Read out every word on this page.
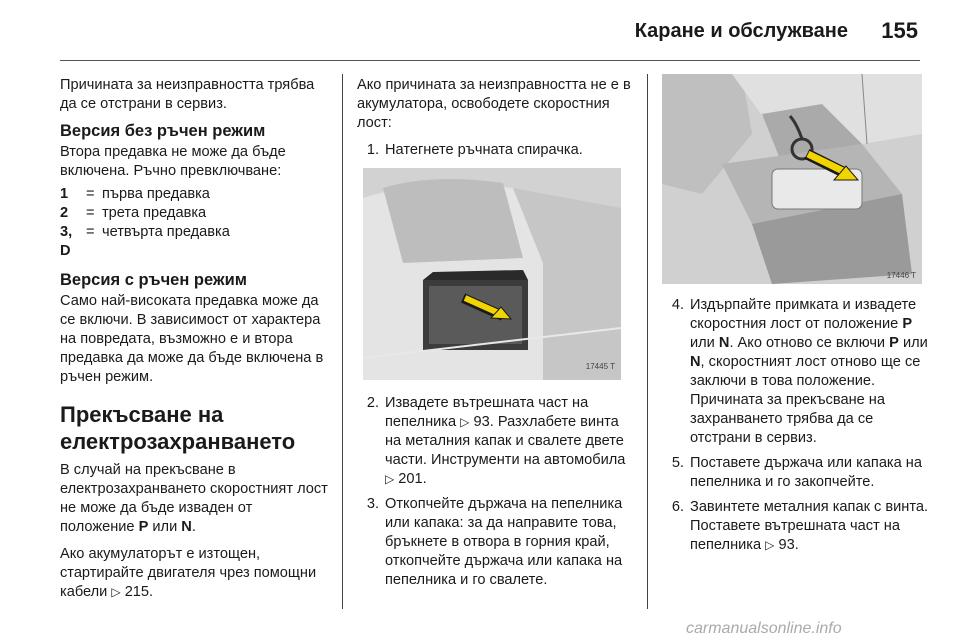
Каране и обслужване 155

Причината за неизправността трябва да се отстрани в сервиз.

Версия без ръчен режим

Втора предавка не може да бъде включена. Ръчно превключване:

1	= първа предавка
2	= трета предавка
3, D
= четвърта предавка
Версия с ръчен режим

Само най-високата предавка може да се включи. В зависимост от характера на повредата, възможно е и втора предавка да може да бъде включена в ръчен режим.

Прекъсване на електрозахранването

В случай на прекъсване в електрозахранването скоростният лост не може да бъде изваден от положение P или N.

Ако акумулаторът е изтощен, стартирайте двигателя чрез помощни кабели ▷ 215.

Ако причината за неизправността не е в акумулатора, освободете скоростния лост:

1. Натегнете ръчната спирачка.
17445 T
2. Извадете вътрешната част на пепелника ▷ 93. Разхлабете винта на металния капак и свалете двете части. Инструменти на автомобила ▷ 201.
3. Откопчейте държача на пепелника или капака: за да направите това, бръкнете в отвора в горния край, откопчейте държача или капака на пепелника и го свалете.
17446 T
4. Издърпайте примката и извадете скоростния лост от положение P или N. Ако отново се включи P или N, скоростният лост отново ще се заключи в това положение. Причината за прекъсване на захранването трябва да се отстрани в сервиз.
5. Поставете държача или капака на пепелника и го закопчейте.
6. Завинтете металния капак с винта. Поставете вътрешната част на пепелника ▷ 93.
carmanualsonline.info
